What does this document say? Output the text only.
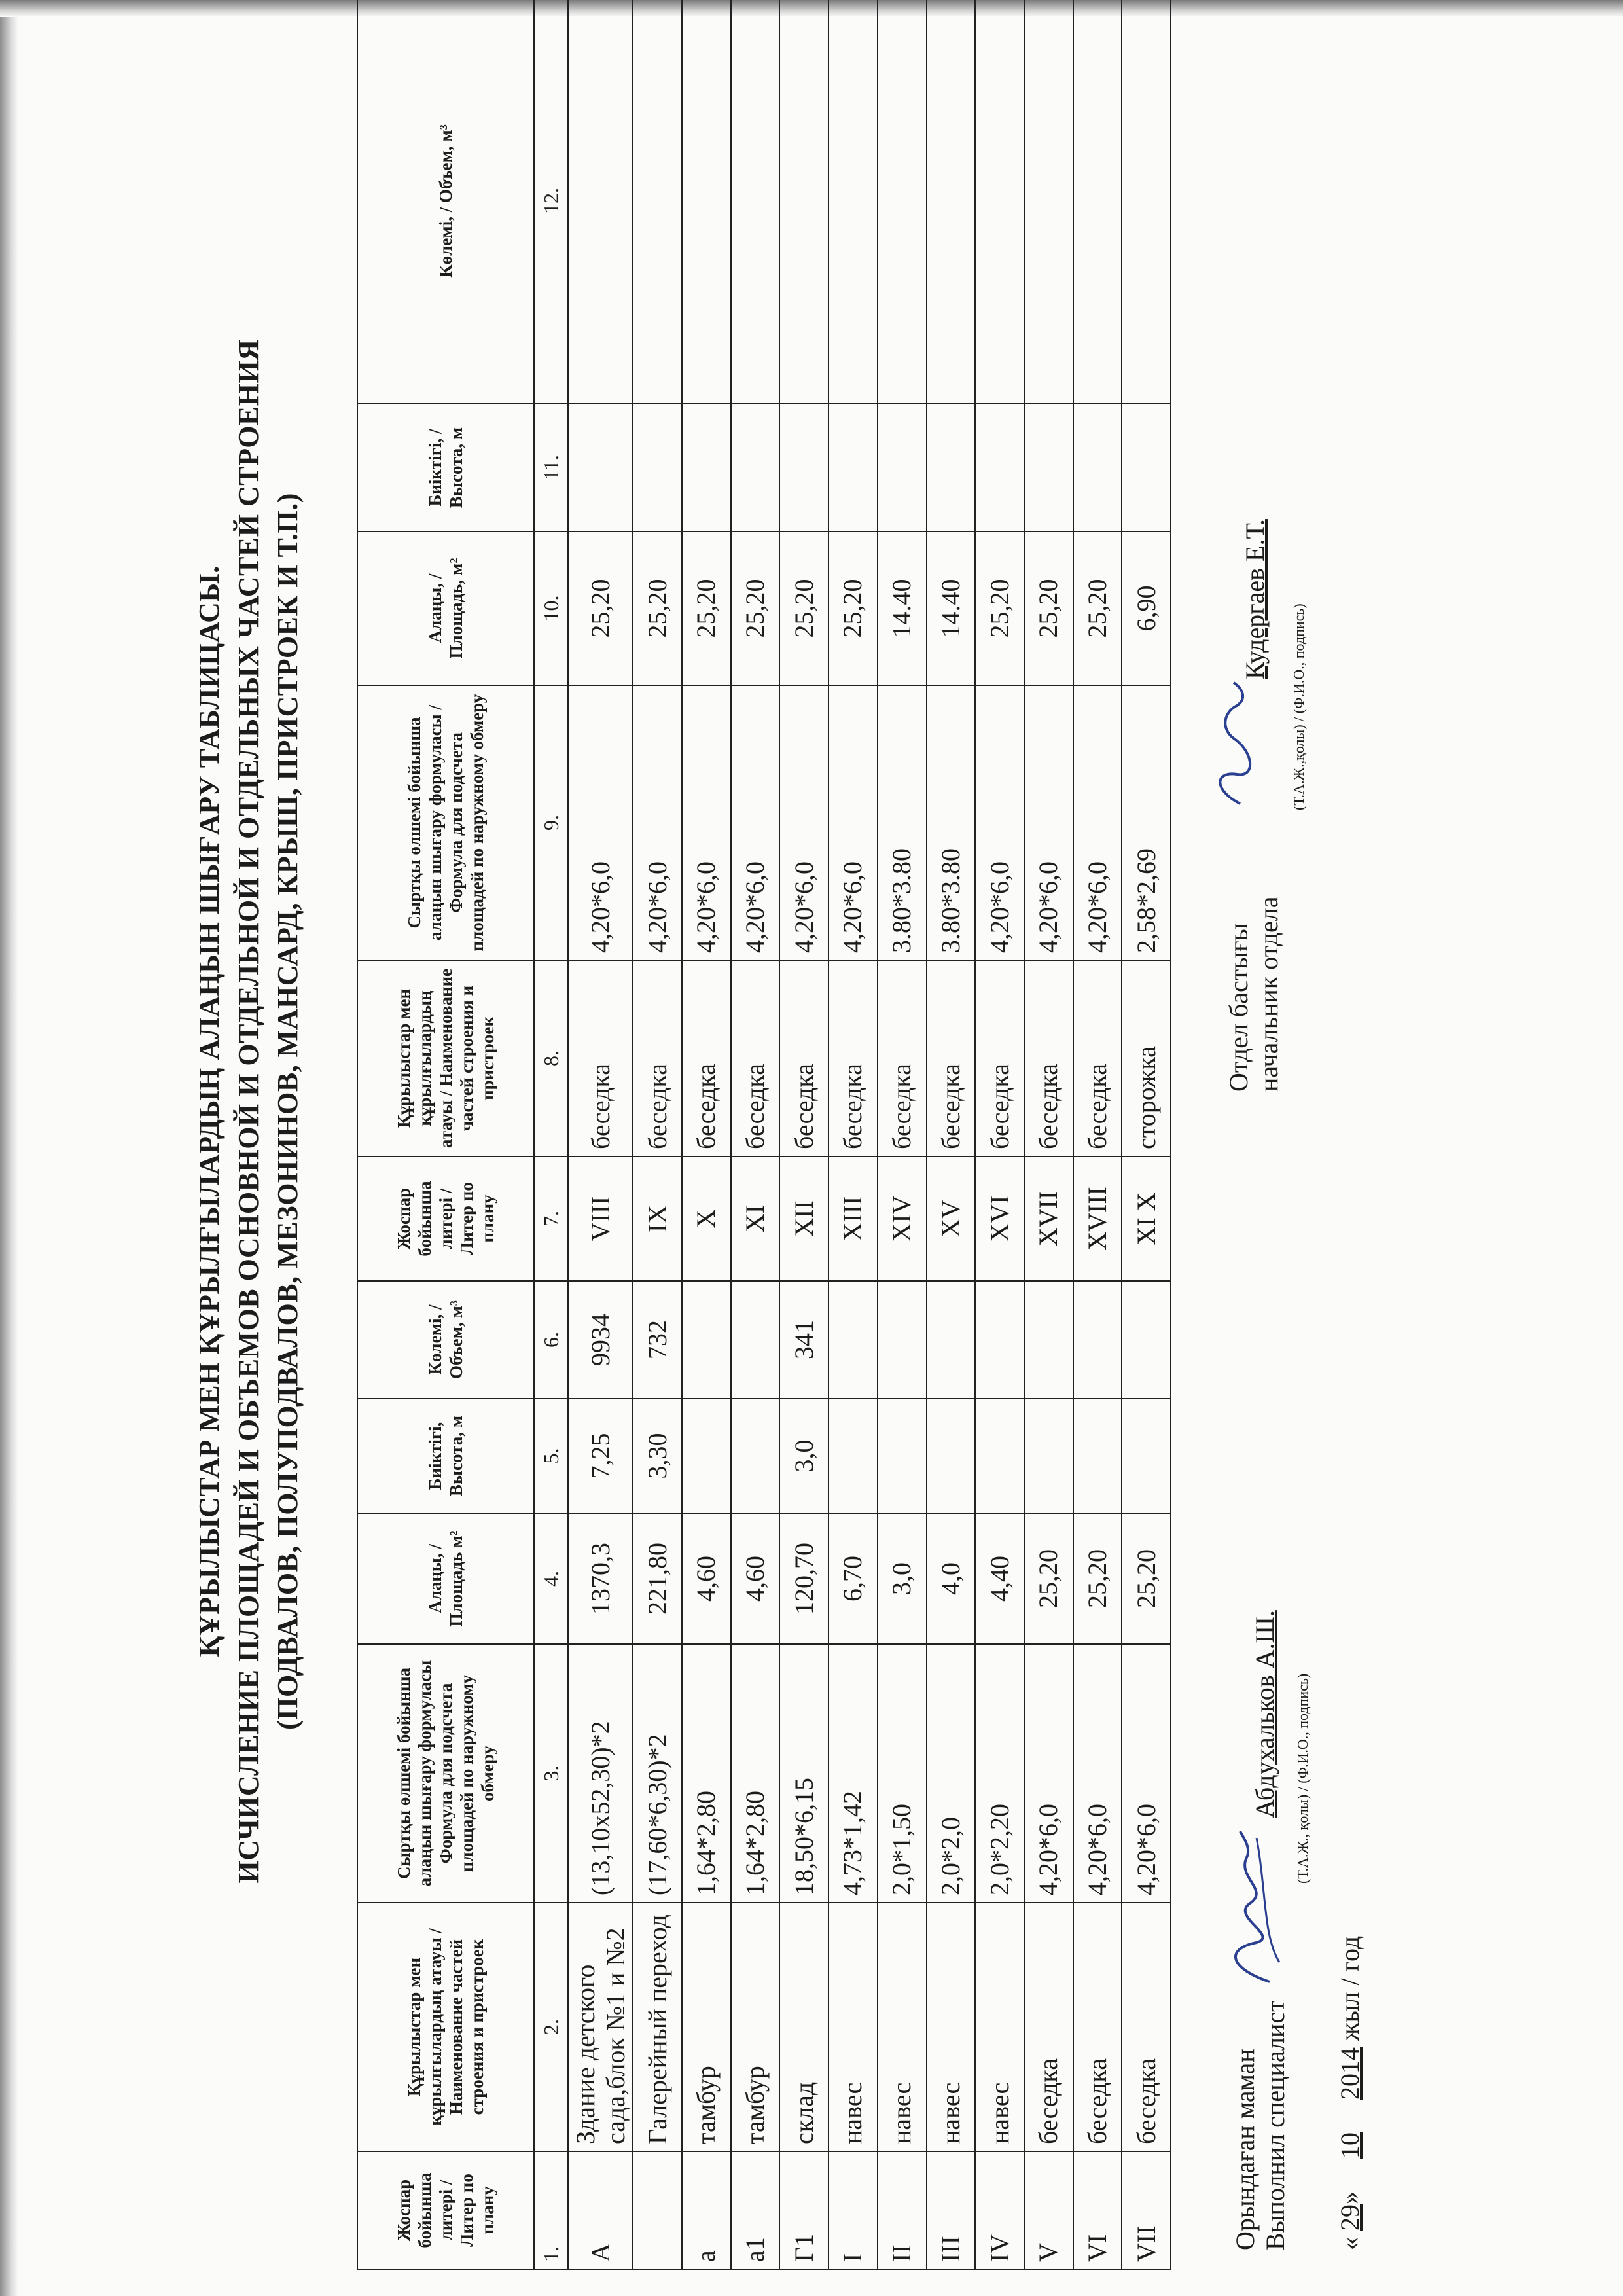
ҚҰРЫЛЫСТАР МЕН ҚҰРЫЛҒЫЛАРДЫҢ АЛАҢЫН ШЫҒАРУ ТАБЛИЦАСЫ. ИСЧИСЛЕНИЕ ПЛОЩАДЕЙ И ОБЪЕМОВ ОСНОВНОЙ И ОТДЕЛЬНОЙ И ОТДЕЛЬНЫХ ЧАСТЕЙ СТРОЕНИЯ (ПОДВАЛОВ, ПОЛУПОДВАЛОВ, МЕЗОНИНОВ, МАНСАРД, КРЫШ, ПРИСТРОЕК И Т.П.)
Жоспар бойынша литері / Литер по плану	Құрылыстар мен құрылғылардың атауы / Наименование частей строения и пристроек	Сыртқы өлшемі бойынша алаңын шығару формуласы Формула для подсчета площадей по наружному обмеру	Алаңы, / Площадь м²	Биіктігі, Высота, м	Көлемі, / Объем, м³	Жоспар бойынша литері / Литер по плану	Құрылыстар мен құрылғылардың атауы / Наименование частей строения и пристроек	Сыртқы өлшемі бойынша алаңын шығару формуласы / Формула для подсчета площадей по наружному обмеру	Алаңы, / Площадь, м²	Биіктігі, / Высота, м	Көлемі, / Объем, м³
1.	2.	3.	4.	5.	6.	7.	8.	9.	10.	11.	12.
А	Здание детского сада,блок №1 и №2	(13,10х52,30)*2	1370,3	7,25	9934	VIII	беседка	4,20*6,0	25,20		
	Галерейный переход	(17,60*6,30)*2	221,80	3,30	732	IX	беседка	4,20*6,0	25,20		
а	тамбур	1,64*2,80	4,60			X	беседка	4,20*6,0	25,20		
а1	тамбур	1,64*2,80	4,60			XI	беседка	4,20*6,0	25,20		
Г1	склад	18,50*6,15	120,70	3,0	341	XII	беседка	4,20*6,0	25,20		
I	навес	4,73*1,42	6,70			XIII	беседка	4,20*6,0	25,20		
II	навес	2,0*1,50	3,0			XIV	беседка	3.80*3.80	14.40		
III	навес	2,0*2,0	4,0			XV	беседка	3.80*3.80	14.40		
IV	навес	2,0*2,20	4,40			XVI	беседка	4,20*6,0	25,20		
V	беседка	4,20*6,0	25,20			XVII	беседка	4,20*6,0	25,20		
VI	беседка	4,20*6,0	25,20			XVIII	беседка	4,20*6,0	25,20		
VII	беседка	4,20*6,0	25,20			XI X	сторожка	2,58*2,69	6,90		
Орындаған маман Выполнил специалист
Абдухальков А.Ш.	(Т.А.Ж., қолы) / (Ф.И.О., подпись)
Отдел бастығы начальник отдела
Кудергаев Е.Т.
(Т.А.Ж.,қолы) / (Ф.И.О., подпись)
« 29»     10     2014 жыл / год
